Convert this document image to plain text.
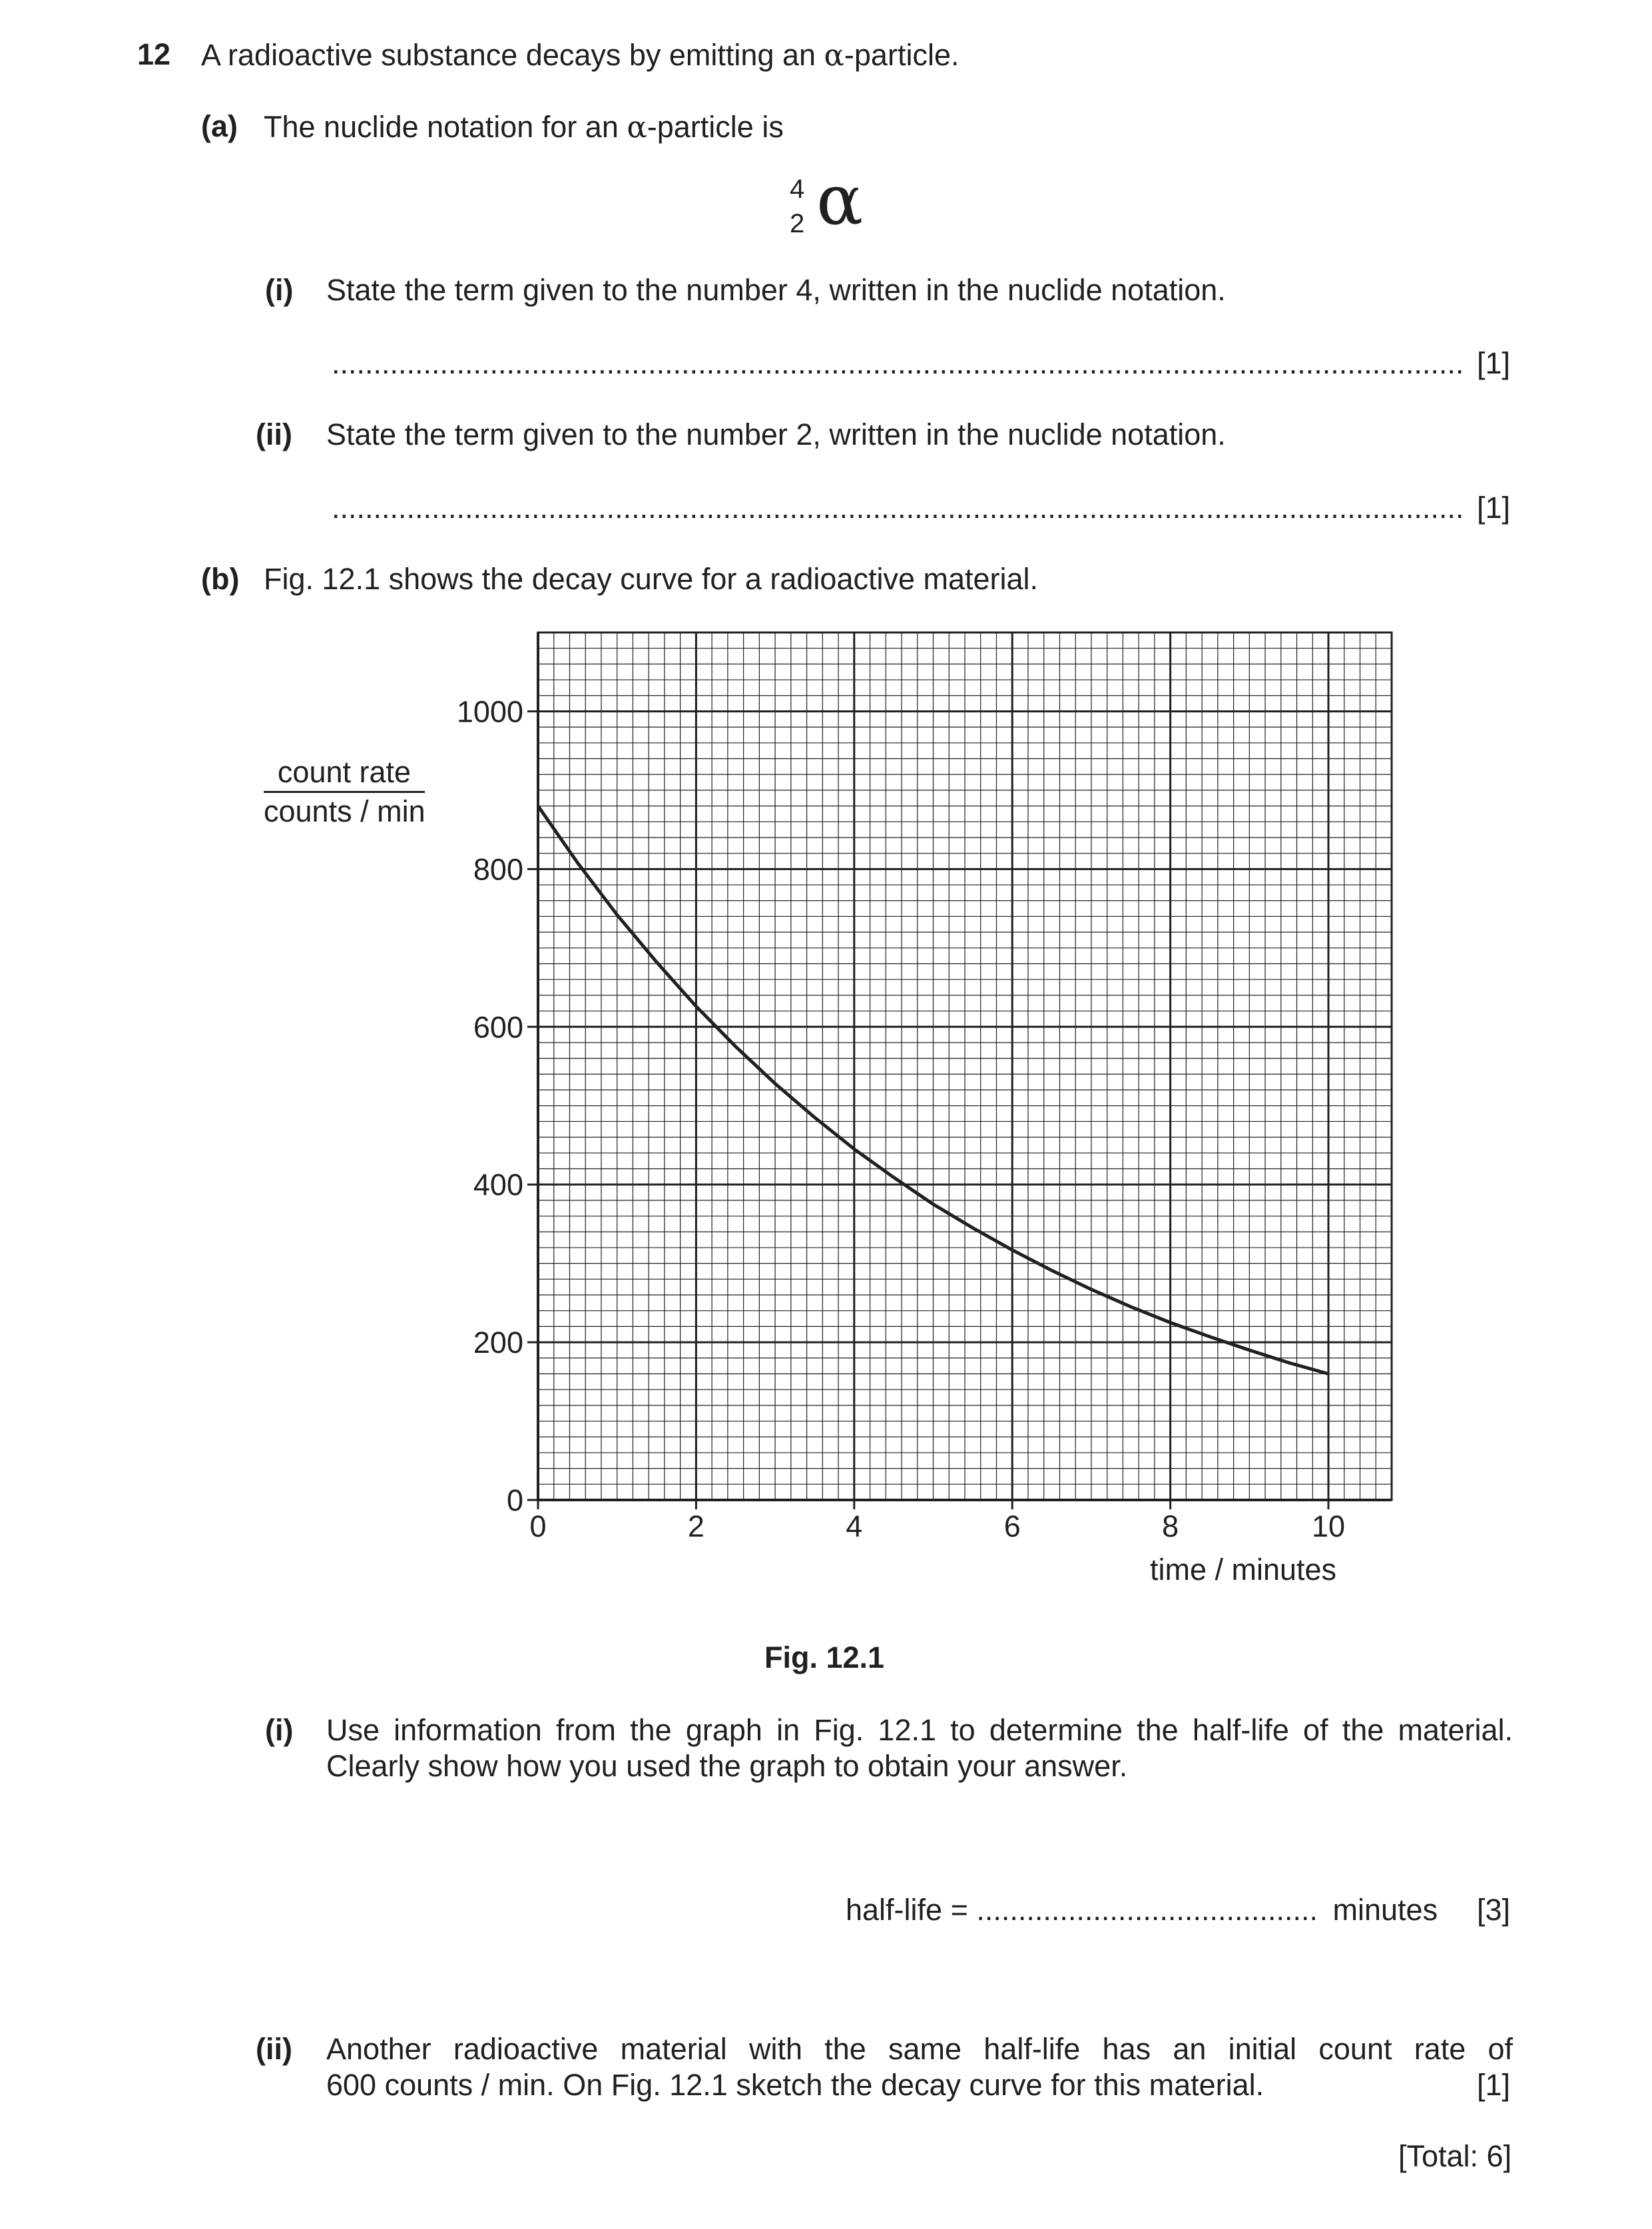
12 A radioactive substance decays by emitting an α-particle.
(a) The nuclide notation for an α-particle is
4
2 α
(i) State the term given to the number 4, written in the nuclide notation.
........................................................................................................................................ [1]
(ii) State the term given to the number 2, written in the nuclide notation.
........................................................................................................................................ [1]
(b) Fig. 12.1 shows the decay curve for a radioactive material.
count rate
counts / min
0
200
400
600
800
1000
0	2	4	6	8	10
time / minutes
Fig. 12.1
(i) Use information from the graph in Fig. 12.1 to determine the half-life of the material.
Clearly show how you used the graph to obtain your answer.
half-life = ......................................... minutes [3]
(ii) Another radioactive material with the same half-life has an initial count rate of
600 counts / min. On Fig. 12.1 sketch the decay curve for this material.	[1]
[Total: 6]
